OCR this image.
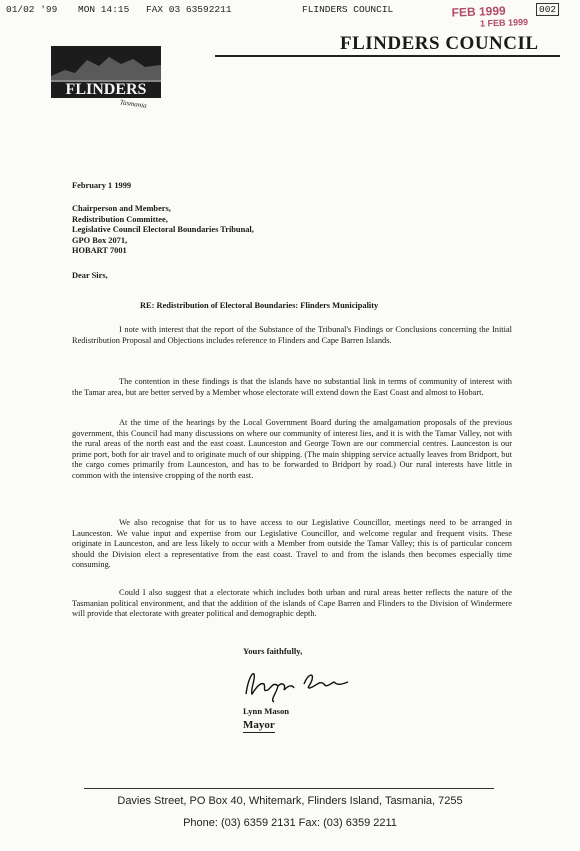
01/02 '99 MON 14:15 FAX 03 63592211	FLINDERS COUNCIL	FEB 1999
1 FEB 1999
002
FLINDERS COUNCIL
FLINDERS
Tasmania
February 1 1999

Chairperson and Members,

Redistribution Committee,

Legislative Council Electoral Boundaries Tribunal,

GPO Box 2071,

HOBART 7001

Dear Sirs,
RE: Redistribution of Electoral Boundaries: Flinders Municipality
I note with interest that the report of the Substance of the Tribunal's Findings or Conclusions concerning the Initial Redistribution Proposal and Objections includes reference to Flinders and Cape Barren Islands.
The contention in these findings is that the islands have no substantial link in terms of community of interest with the Tamar area, but are better served by a Member whose electorate will extend down the East Coast and almost to Hobart.
At the time of the hearings by the Local Government Board during the amalgamation proposals of the previous government, this Council had many discussions on where our community of interest lies, and it is with the Tamar Valley, not with the rural areas of the north east and the east coast. Launceston and George Town are our commercial centres. Launceston is our prime port, both for air travel and to originate much of our shipping. (The main shipping service actually leaves from Bridport, but the cargo comes primarily from Launceston, and has to be forwarded to Bridport by road.) Our rural interests have little in common with the intensive cropping of the north east.
We also recognise that for us to have access to our Legislative Councillor, meetings need to be arranged in Launceston. We value input and expertise from our Legislative Councillor, and welcome regular and frequent visits. These originate in Launceston, and are less likely to occur with a Member from outside the Tamar Valley; this is of particular concern should the Division elect a representative from the east coast. Travel to and from the islands then becomes especially time consuming.
Could I also suggest that a electorate which includes both urban and rural areas better reflects the nature of the Tasmanian political environment, and that the addition of the islands of Cape Barren and Flinders to the Division of Windermere will provide that electorate with greater political and demographic depth.
Yours faithfully,
Lynn Mason
Mayor
Davies Street, PO Box 40, Whitemark, Flinders Island, Tasmania, 7255
Phone: (03) 6359 2131 Fax: (03) 6359 2211
